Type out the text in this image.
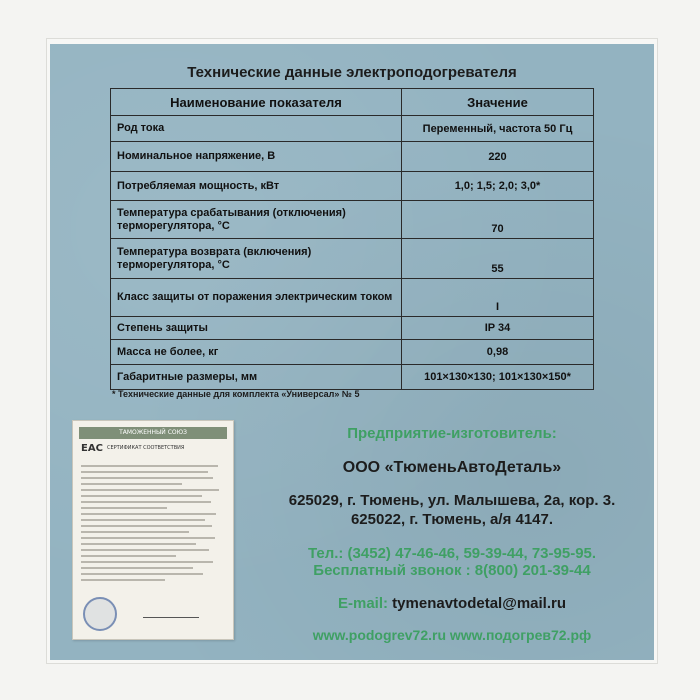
Технические данные электроподогревателя
Наименование показателя	Значение
Род тока	Переменный, частота 50 Гц
Номинальное напряжение, В	220
Потребляемая мощность, кВт	1,0; 1,5; 2,0; 3,0*
Температура срабатывания (отключения) терморегулятора, °С	70
Температура возврата (включения) терморегулятора, °С	55
Класс защиты от поражения электрическим током	I
Степень защиты	IP 34
Масса не более, кг	0,98
Габаритные размеры, мм	101×130×130; 101×130×150*
* Технические данные для комплекта «Универсал» № 5
ТАМОЖЕННЫЙ СОЮЗ
EAC СЕРТИФИКАТ СООТВЕТСТВИЯ
Предприятие-изготовитель:
ООО «ТюменьАвтоДеталь»
625029, г. Тюмень, ул. Малышева, 2а, кор. 3.
625022, г. Тюмень, а/я 4147.
Тел.: (3452) 47-46-46, 59-39-44, 73-95-95.
Бесплатный звонок : 8(800) 201-39-44
E-mail: tymenavtodetal@mail.ru
www.podogrev72.ru www.подогрев72.рф
